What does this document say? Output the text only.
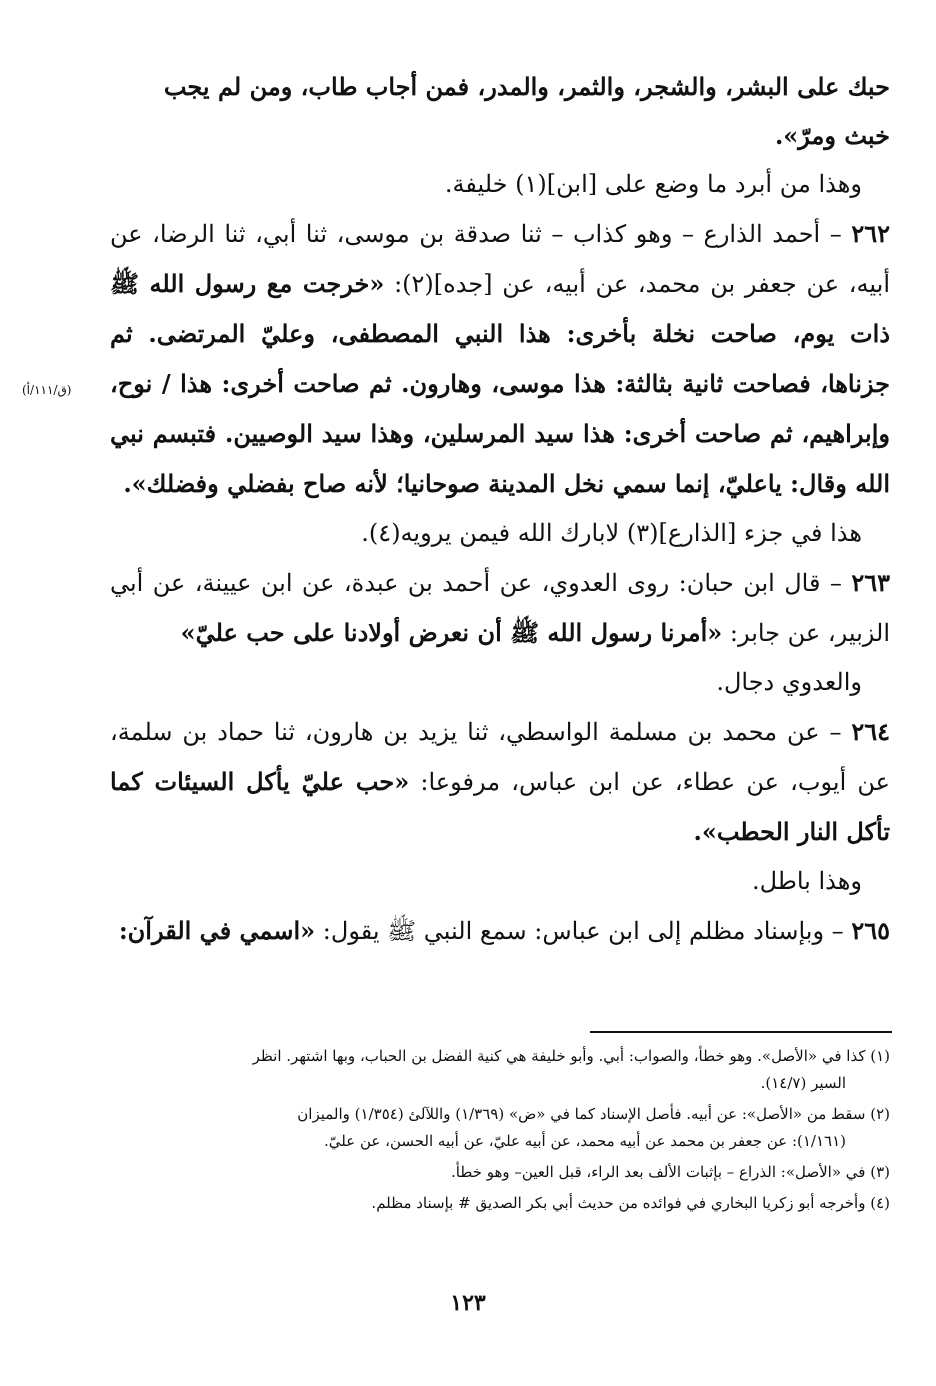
حبك على البشر، والشجر، والثمر، والمدر، فمن أجاب طاب، ومن لم يجب
خبث ومرّ».

وهذا من أبرد ما وضع على [ابن](١) خليفة.

٢٦٢ – أحمد الذارع – وهو كذاب – ثنا صدقة بن موسى، ثنا أبي، ثنا الرضا، عن أبيه، عن جعفر بن محمد، عن أبيه، عن [جده](٢): «خرجت مع رسول الله ﷺ ذات يوم، صاحت نخلة بأخرى: هذا النبي المصطفى، وعليّ المرتضى. ثم جزناها، فصاحت ثانية بثالثة: هذا موسى، وهارون. ثم صاحت أخرى: هذا / نوح، وإبراهيم، ثم صاحت أخرى: هذا سيد المرسلين، وهذا سيد الوصيين. فتبسم نبي الله وقال: ياعليّ، إنما سمي نخل المدينة صوحانيا؛ لأنه صاح بفضلي وفضلك».

هذا في جزء [الذارع](٣) لابارك الله فيمن يرويه(٤).

٢٦٣ – قال ابن حبان: روى العدوي، عن أحمد بن عبدة، عن ابن عيينة، عن أبي الزبير، عن جابر: «أمرنا رسول الله ﷺ أن نعرض أولادنا على حب عليّ»

والعدوي دجال.

٢٦٤ – عن محمد بن مسلمة الواسطي، ثنا يزيد بن هارون، ثنا حماد بن سلمة، عن أيوب، عن عطاء، عن ابن عباس، مرفوعا: «حب عليّ يأكل السيئات كما تأكل النار الحطب».

وهذا باطل.

٢٦٥ – وبإسناد مظلم إلى ابن عباس: سمع النبي ﷺ يقول: «اسمي في القرآن:

(ق/١١١/أ)

(١) كذا في «الأصل». وهو خطأ، والصواب: أبي. وأبو خليفة هي كنية الفضل بن الحباب، وبها اشتهر. انظر
السير (١٤/٧).

(٢) سقط من «الأصل»: عن أبيه. فأصل الإسناد كما في «ض» (١/٣٦٩) واللآلئ (١/٣٥٤) والميزان
(١/١٦١): عن جعفر بن محمد عن أبيه محمد، عن أبيه عليّ، عن أبيه الحسن، عن عليّ.

(٣) في «الأصل»: الذراع – بإثبات الألف بعد الراء، قبل العين– وهو خطأ.

(٤) وأخرجه أبو زكريا البخاري في فوائده من حديث أبي بكر الصديق # بإسناد مظلم.

١٢٣
